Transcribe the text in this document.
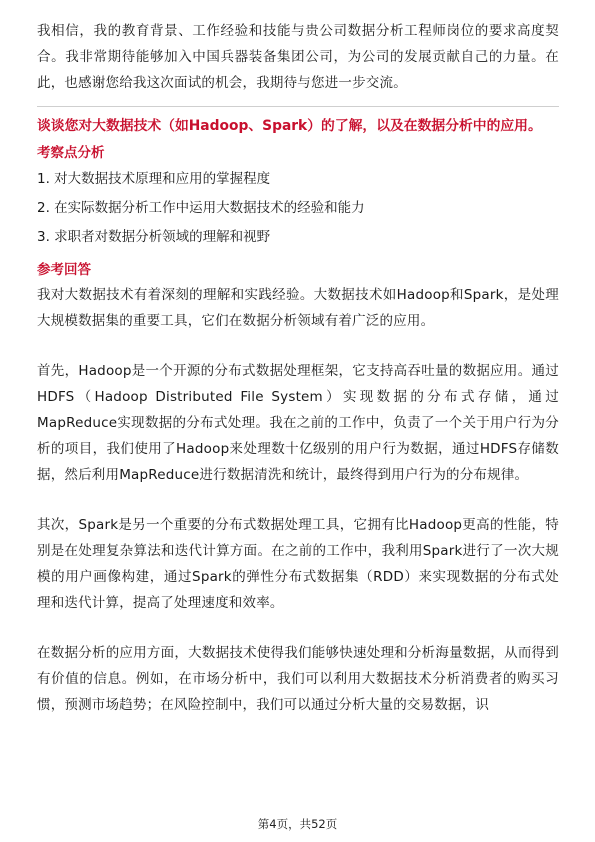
我相信，我的教育背景、工作经验和技能与贵公司数据分析工程师岗位的要求高度契合。我非常期待能够加入中国兵器装备集团公司，为公司的发展贡献自己的力量。在此，也感谢您给我这次面试的机会，我期待与您进一步交流。

谈谈您对大数据技术（如Hadoop、Spark）的了解，以及在数据分析中的应用。
考察点分析
1. 对大数据技术原理和应用的掌握程度
2. 在实际数据分析工作中运用大数据技术的经验和能力
3. 求职者对数据分析领域的理解和视野
参考回答

我对大数据技术有着深刻的理解和实践经验。大数据技术如Hadoop和Spark，是处理大规模数据集的重要工具，它们在数据分析领域有着广泛的应用。

首先，Hadoop是一个开源的分布式数据处理框架，它支持高吞吐量的数据应用。通过HDFS（Hadoop Distributed File System）实现数据的分布式存储，通过MapReduce实现数据的分布式处理。我在之前的工作中，负责了一个关于用户行为分析的项目，我们使用了Hadoop来处理数十亿级别的用户行为数据，通过HDFS存储数据，然后利用MapReduce进行数据清洗和统计，最终得到用户行为的分布规律。

其次，Spark是另一个重要的分布式数据处理工具，它拥有比Hadoop更高的性能，特别是在处理复杂算法和迭代计算方面。在之前的工作中，我利用Spark进行了一次大规模的用户画像构建，通过Spark的弹性分布式数据集（RDD）来实现数据的分布式处理和迭代计算，提高了处理速度和效率。

在数据分析的应用方面，大数据技术使得我们能够快速处理和分析海量数据，从而得到有价值的信息。例如，在市场分析中，我们可以利用大数据技术分析消费者的购买习惯，预测市场趋势；在风险控制中，我们可以通过分析大量的交易数据，识

第4页，共52页
